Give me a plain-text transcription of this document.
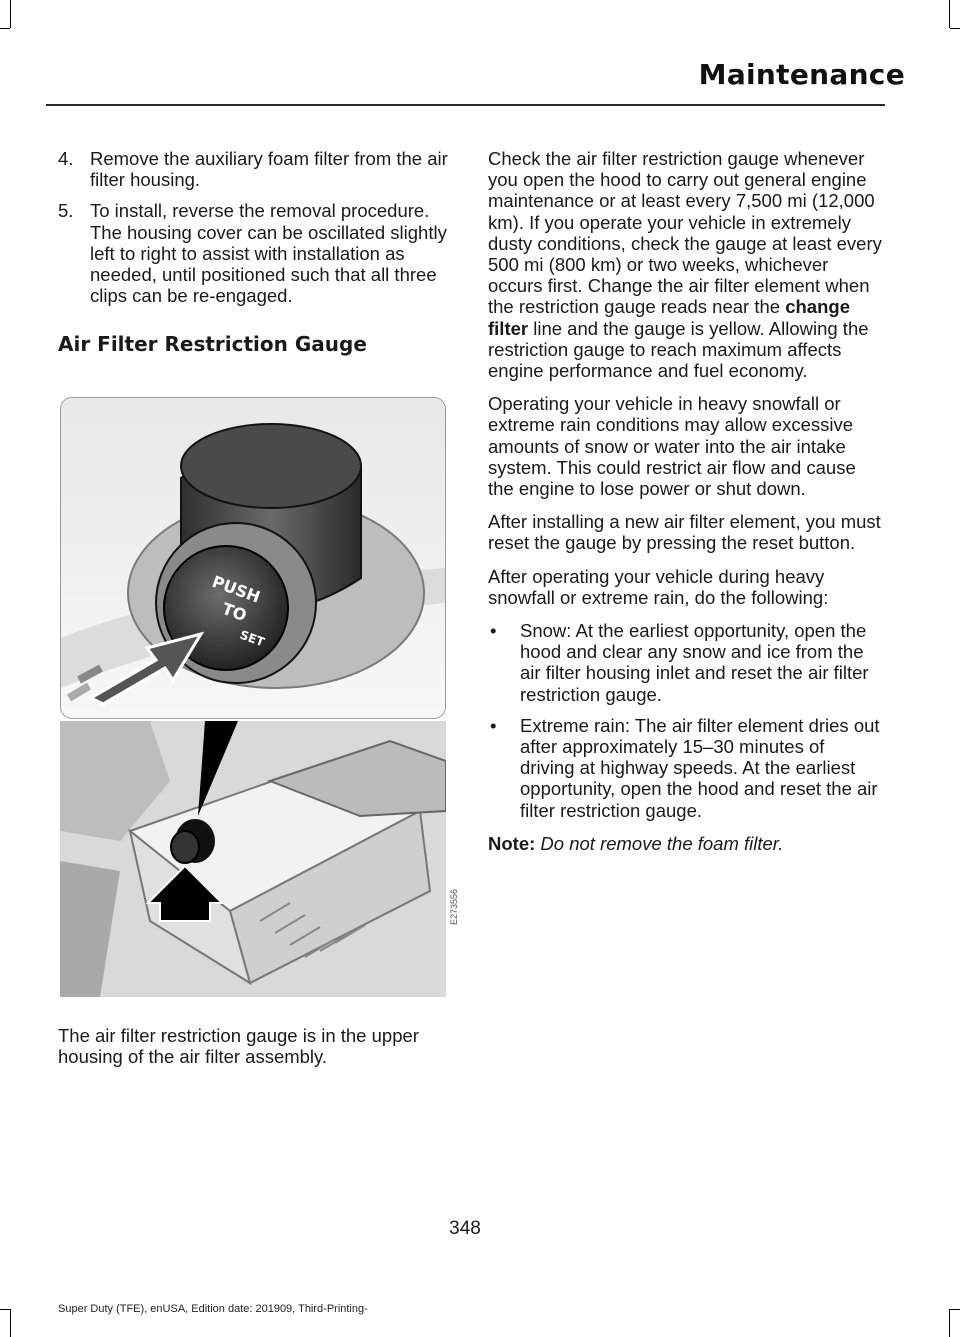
Maintenance
4. Remove the auxiliary foam filter from the air filter housing.
5. To install, reverse the removal procedure. The housing cover can be oscillated slightly left to right to assist with installation as needed, until positioned such that all three clips can be re-engaged.
Air Filter Restriction Gauge
PUSH
TO
SET
E273556
The air filter restriction gauge is in the upper housing of the air filter assembly.

Check the air filter restriction gauge whenever you open the hood to carry out general engine maintenance or at least every 7,500 mi (12,000 km). If you operate your vehicle in extremely dusty conditions, check the gauge at least every 500 mi (800 km) or two weeks, whichever occurs first. Change the air filter element when the restriction gauge reads near the change filter line and the gauge is yellow. Allowing the restriction gauge to reach maximum affects engine performance and fuel economy.

Operating your vehicle in heavy snowfall or extreme rain conditions may allow excessive amounts of snow or water into the air intake system. This could restrict air flow and cause the engine to lose power or shut down.

After installing a new air filter element, you must reset the gauge by pressing the reset button.

After operating your vehicle during heavy snowfall or extreme rain, do the following:

• Snow: At the earliest opportunity, open the hood and clear any snow and ice from the air filter housing inlet and reset the air filter restriction gauge.
• Extreme rain: The air filter element dries out after approximately 15–30 minutes of driving at highway speeds. At the earliest opportunity, open the hood and reset the air filter restriction gauge.

Note: Do not remove the foam filter.

348
Super Duty (TFE), enUSA, Edition date: 201909, Third-Printing-
